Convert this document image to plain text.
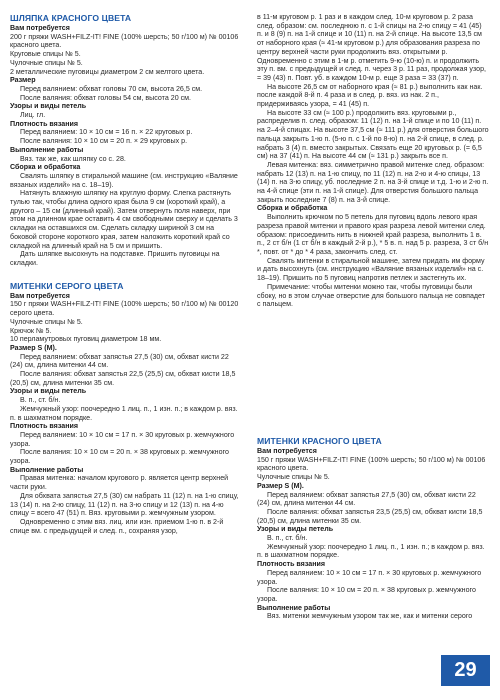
ШЛЯПКА КРАСНОГО ЦВЕТА
Вам потребуется
200 г пряжи WASH+FILZ-IT! FINE (100% шерсть; 50 г/100 м) № 00106 красного цвета.
Круговые спицы № 5.
Чулочные спицы № 5.
2 металлические пуговицы диаметром 2 см желтого цвета.
Размер
Перед валянием: обхват головы 70 см, высота 26,5 см.
После валяния: обхват головы 54 см, высота 20 см.
Узоры и виды петель
Лиц. гл.
Плотность вязания
Перед валянием: 10 × 10 см = 16 п. × 22 круговых р.
После валяния: 10 × 10 см = 20 п. × 29 круговых р.
Выполнение работы
Вяз. так же, как шляпку со с. 28.
Сборка и обработка
Свалять шляпку в стиральной машине (см. инструкцию «Валяние вязаных изделий» на с. 18–19).
Натянуть влажную шляпку на круглую форму. Слегка растянуть тулью так, чтобы длина одного края была 9 см (короткий край), а другого – 15 см (длинный край). Затем отвернуть поля наверх, при этом на длинном крае оставить 4 см свободными сверху и сделать 3 складки на оставшихся см. Сделать складку шириной 3 см на боковой стороне короткого края, затем наложить короткий край со складкой на длинный край на 5 см и пришить.
Дать шляпке высохнуть на подставке. Пришить пуговицы на складки.
МИТЕНКИ СЕРОГО ЦВЕТА
Вам потребуется
150 г пряжи WASH+FILZ-IT! FINE (100% шерсть; 50 г/100 м) № 00120 серого цвета.
Чулочные спицы № 5.
Крючок № 5.
10 перламутровых пуговиц диаметром 18 мм.
Размер S (M).
Перед валянием: обхват запястья 27,5 (30) см, обхват кисти 22 (24) см, длина митенки 44 см.
После валяния: обхват запястья 22,5 (25,5) см, обхват кисти 18,5 (20,5) см, длина митенки 35 см.
Узоры и виды петель
В. п., ст. б/н.
Жемчужный узор: поочередно 1 лиц. п., 1 изн. п.; в каждом р. вяз. п. в шахматном порядке.
Плотность вязания
Перед валянием: 10 × 10 см = 17 п. × 30 круговых р. жемчужного узора.
После валяния: 10 × 10 см = 20 п. × 38 круговых р. жемчужного узора.
Выполнение работы
Правая митенка: началом кругового р. является центр верхней части руки.
Для обхвата запястья 27,5 (30) см набрать 11 (12) п. на 1-ю спицу, 13 (14) п. на 2-ю спицу, 11 (12) п. на 3-ю спицу и 12 (13) п. на 4-ю спицу = всего 47 (51) п. Вяз. круговыми р. жемчужным узором.
Одновременно с этим вяз. лиц. или изн. приемом 1-ю п. в 2-й спице вм. с предыдущей и след. п., сохраняя узор,
в 11-м круговом р. 1 раз и в каждом след. 10-м круговом р. 2 раза след. образом: см. последнюю п. с 1-й спицы на 2-ю спицу = 41 (45) п. и 8 (9) п. на 1-й спице и 10 (11) п. на 2-й спице. На высоте 13,5 см от наборного края (≈ 41-м круговом р.) для образования разреза по центру верхней части руки продолжить вяз. открытыми р. Одновременно с этим в 1-м р. отметить 9-ю (10-ю) п. и продолжить эту п. вм. с предыдущей и след. п. через 3 р. 11 раз, продолжая узор, = 39 (43) п. Повт. уб. в каждом 10-м р. еще 3 раза = 33 (37) п.
На высоте 26,5 см от наборного края (≈ 81 р.) выполнить как нак. после каждой 8-й п. 4 раза и в след. р. вяз. из нак. 2 п., придерживаясь узора, = 41 (45) п.
На высоте 33 см (≈ 100 р.) продолжить вяз. круговыми р., распределив п. след. образом: 11 (12) п. на 1-й спице и по 10 (11) п. на 2–4-й спицах. На высоте 37,5 см (≈ 111 р.) для отверстия большого пальца закрыть 1-ю п. (5-ю п. с 1-й по 8-ю) п. на 2-й спице, в след. р. набрать 3 (4) п. вместо закрытых. Связать еще 20 круговых р. (= 6,5 см) на 37 (41) п. На высоте 44 см (≈ 131 р.) закрыть все п.
Левая митенка: вяз. симметрично правой митенке след. образом: набрать 12 (13) п. на 1-ю спицу, по 11 (12) п. на 2-ю и 4-ю спицы, 13 (14) п. на 3-ю спицу, уб. последние 2 п. на 3-й спице и т.д. 1-ю и 2-ю п. на 4-й спице (эти п. на 1-й спице). Для отверстия большого пальца закрыть последние 7 (8) п. на 3-й спице.
Сборка и обработка
Выполнить крючком по 5 петель для пуговиц вдоль левого края разреза правой митенки и правого края разреза левой митенки след. образом: присоединить нить в нижней край разреза, выполнить 1 в. п., 2 ст б/н (1 ст б/н в каждый 2-й р.), * 5 в. п. над 5 р. разреза, 3 ст б/н *, повт. от * до * 4 раза, закончить след. ст.
Свалять митенки в стиральной машине, затем придать им форму и дать высохнуть (см. инструкцию «Валяние вязаных изделий» на с. 18–19). Пришить по 5 пуговиц напротив петлек и застегнуть их.
Примечание: чтобы митенки можно так, чтобы пуговицы были сбоку, но в этом случае отверстие для большого пальца не совпадет с пальцем.
МИТЕНКИ КРАСНОГО ЦВЕТА
Вам потребуется
150 г пряжи WASH+FILZ-IT! FINE (100% шерсть; 50 г/100 м) № 00106 красного цвета.
Чулочные спицы № 5.
Размер S (M).
Перед валянием: обхват запястья 27,5 (30) см, обхват кисти 22 (24) см, длина митенки 44 см.
После валяния: обхват запястья 23,5 (25,5) см, обхват кисти 18,5 (20,5) см, длина митенки 35 см.
Узоры и виды петель
В. п., ст. б/н.
Жемчужный узор: поочередно 1 лиц. п., 1 изн. п.; в каждом р. вяз. п. в шахматном порядке.
Плотность вязания
Перед валянием: 10 × 10 см = 17 п. × 30 круговых р. жемчужного узора.
После валяния: 10 × 10 см = 20 п. × 38 круговых р. жемчужного узора.
Выполнение работы
Вяз. митенки жемчужным узором так же, как и митенки серого
29
